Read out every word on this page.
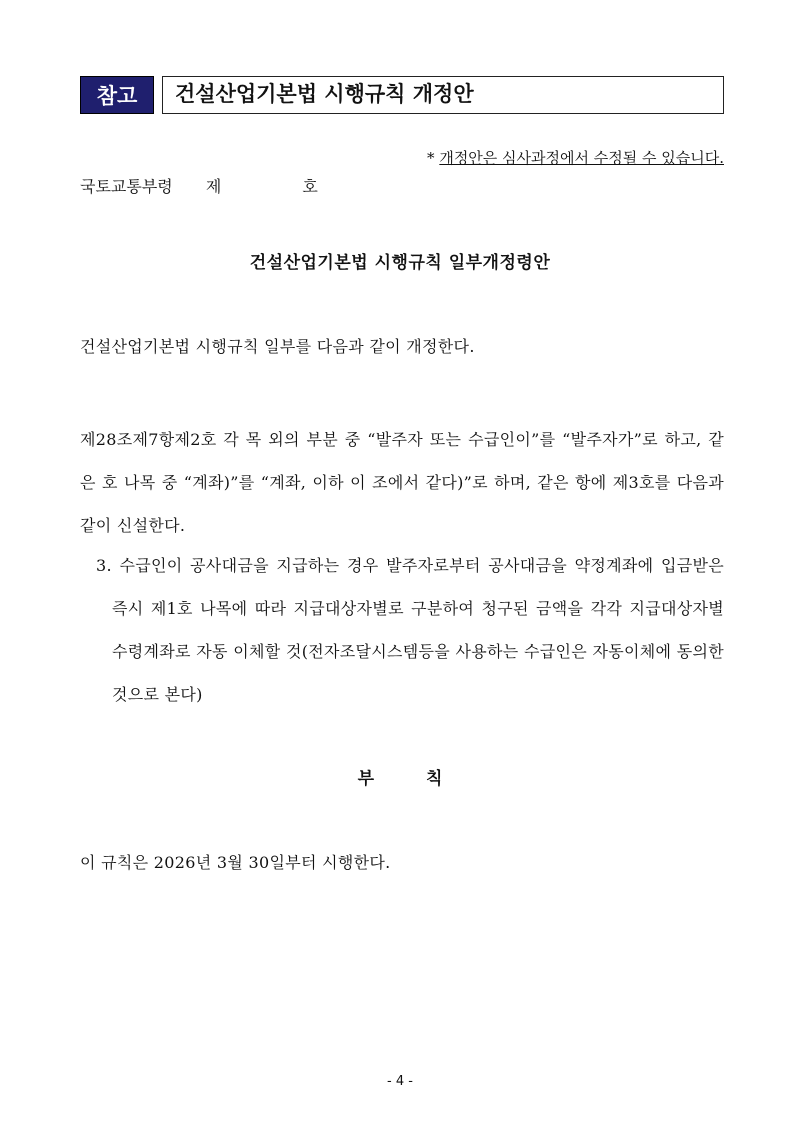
참고	건설산업기본법 시행규칙 개정안
* 개정안은 심사과정에서 수정될 수 있습니다.
국토교통부령 제	호
건설산업기본법 시행규칙 일부개정령안
건설산업기본법 시행규칙 일부를 다음과 같이 개정한다.
제28조제7항제2호 각 목 외의 부분 중 “발주자 또는 수급인이”를 “발주자가”로 하고, 같은 호 나목 중 “계좌)”를 “계좌, 이하 이 조에서 같다)”로 하며, 같은 항에 제3호를 다음과 같이 신설한다.
3. 수급인이 공사대금을 지급하는 경우 발주자로부터 공사대금을 약정계좌에 입금받은 즉시 제1호 나목에 따라 지급대상자별로 구분하여 청구된 금액을 각각 지급대상자별 수령계좌로 자동 이체할 것(전자조달시스템등을 사용하는 수급인은 자동이체에 동의한 것으로 본다)
부	칙
이 규칙은 2026년 3월 30일부터 시행한다.
- 4 -
